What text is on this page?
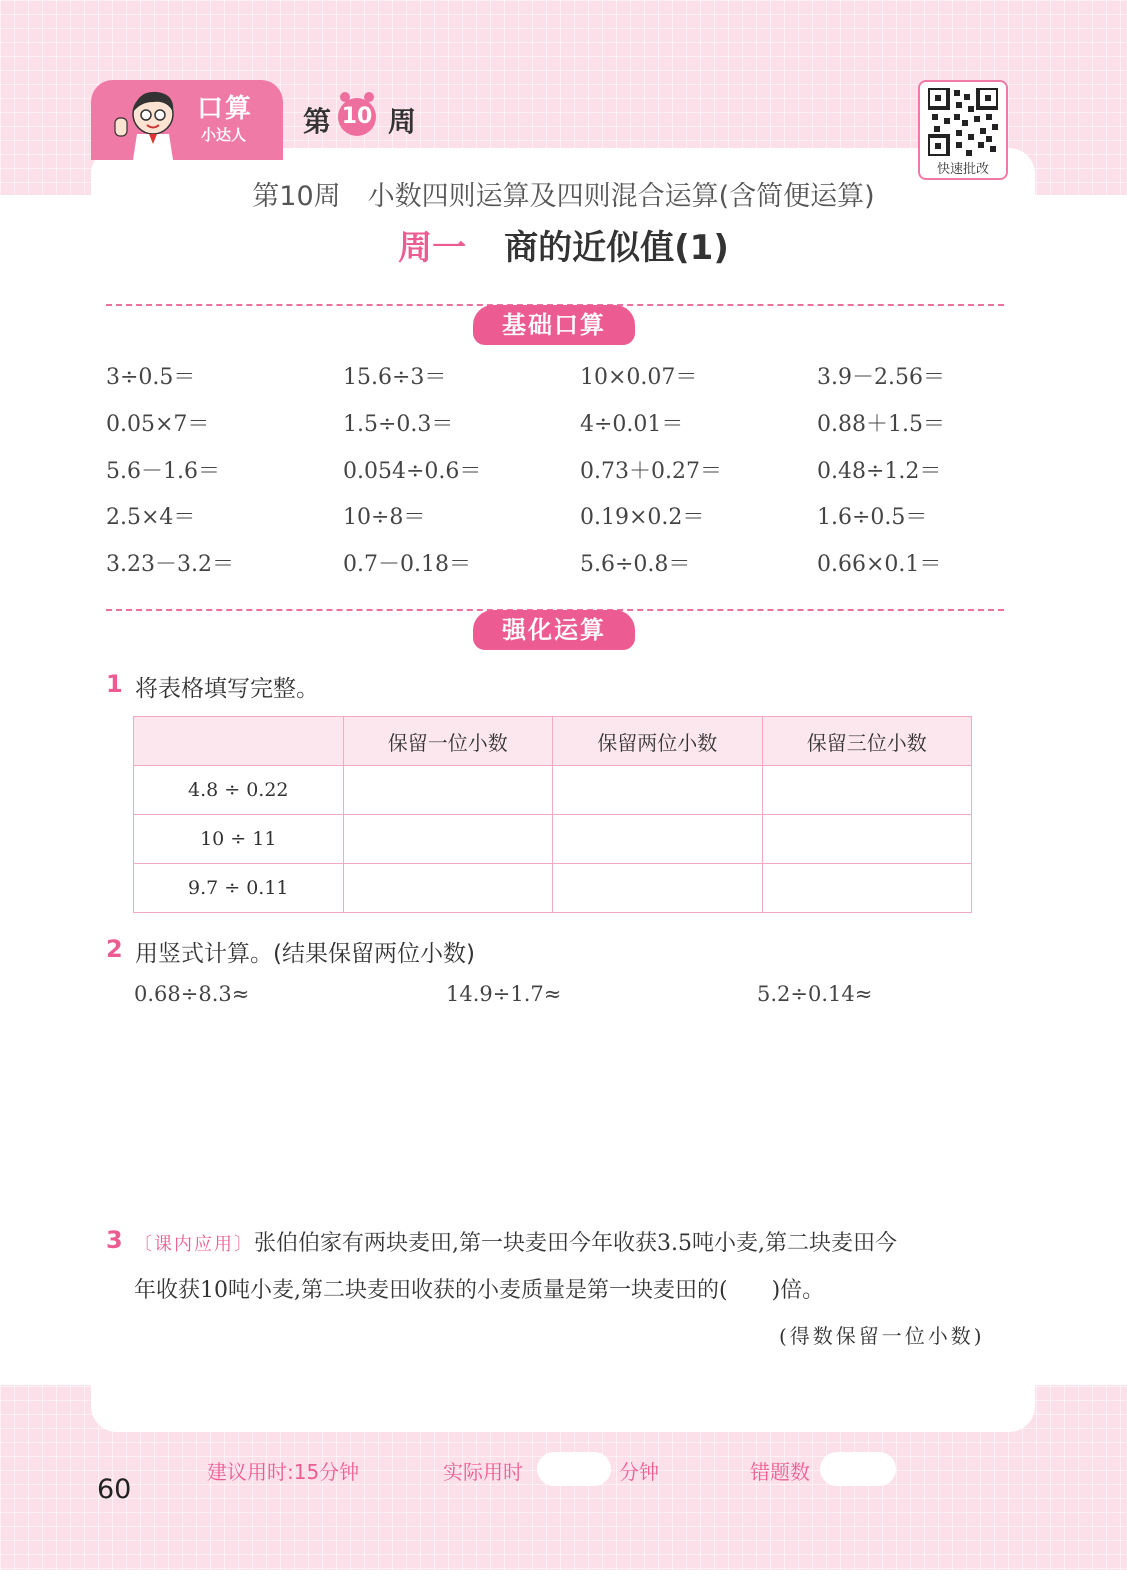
口算
小达人 第 10 周
快速批改
第10周　小数四则运算及四则混合运算(含简便运算)
周一 商的近似值(1)
基础口算
3÷0.5＝	15.6÷3＝	10×0.07＝	3.9－2.56＝
0.05×7＝	1.5÷0.3＝	4÷0.01＝	0.88＋1.5＝
5.6－1.6＝	0.054÷0.6＝	0.73＋0.27＝	0.48÷1.2＝
2.5×4＝	10÷8＝	0.19×0.2＝	1.6÷0.5＝
3.23－3.2＝	0.7－0.18＝	5.6÷0.8＝	0.66×0.1＝
强化运算
1 将表格填写完整。
	保留一位小数	保留两位小数	保留三位小数
4.8 ÷ 0.22			
10 ÷ 11			
9.7 ÷ 0.11			
2 用竖式计算。(结果保留两位小数)
0.68÷8.3≈	14.9÷1.7≈	5.2÷0.14≈
3 〔课内应用〕张伯伯家有两块麦田,第一块麦田今年收获3.5吨小麦,第二块麦田今
年收获10吨小麦,第二块麦田收获的小麦质量是第一块麦田的(　　)倍。
(得数保留一位小数)
建议用时:15分钟	实际用时	分钟	错题数
60
